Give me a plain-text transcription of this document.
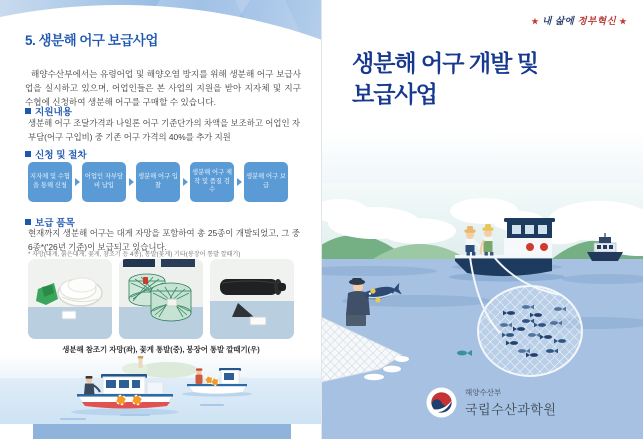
5. 생분해 어구 보급사업
해양수산부에서는 유령어업 및 해양오염 방지를 위해 생분해 어구 보급사업을 실시하고 있으며, 어업인들은 본 사업의 지원을 받아 지자체 및 지구 수협에 신청하여 생분해 어구를 구매할 수 있습니다.
지원내용
생분해 어구 조달가격과 나일론 어구 기준단가의 차액을 보조하고 어업인 자부담(어구 구입비) 중 기존 어구 가격의 40%를 추가 지원
신청 및 절차
지자체 및 수협을 통해 신청
어업인 자부담비 납입
생분해 어구 입찰
생분해 어구 제작 및 품질 검수
생분해 어구 보급
보급 품목
현재까지 생분해 어구는 대게 자망을 포함하여 총 25종이 개발되었고, 그 중 6종*('26년 기준)이 보급되고 있습니다.
* 자망(대게, 붉은대게, 꽃게, 참조기 등 4종), 통발(꽃게) 기타(붕장어 통발 깔때기)
생분해 참조기 자망(좌), 꽃게 통발(중), 붕장어 통발 깔때기(우)
★ 내 삶에 정부혁신 ★
생분해 어구 개발 및
보급사업
해양수산부
국립수산과학원
